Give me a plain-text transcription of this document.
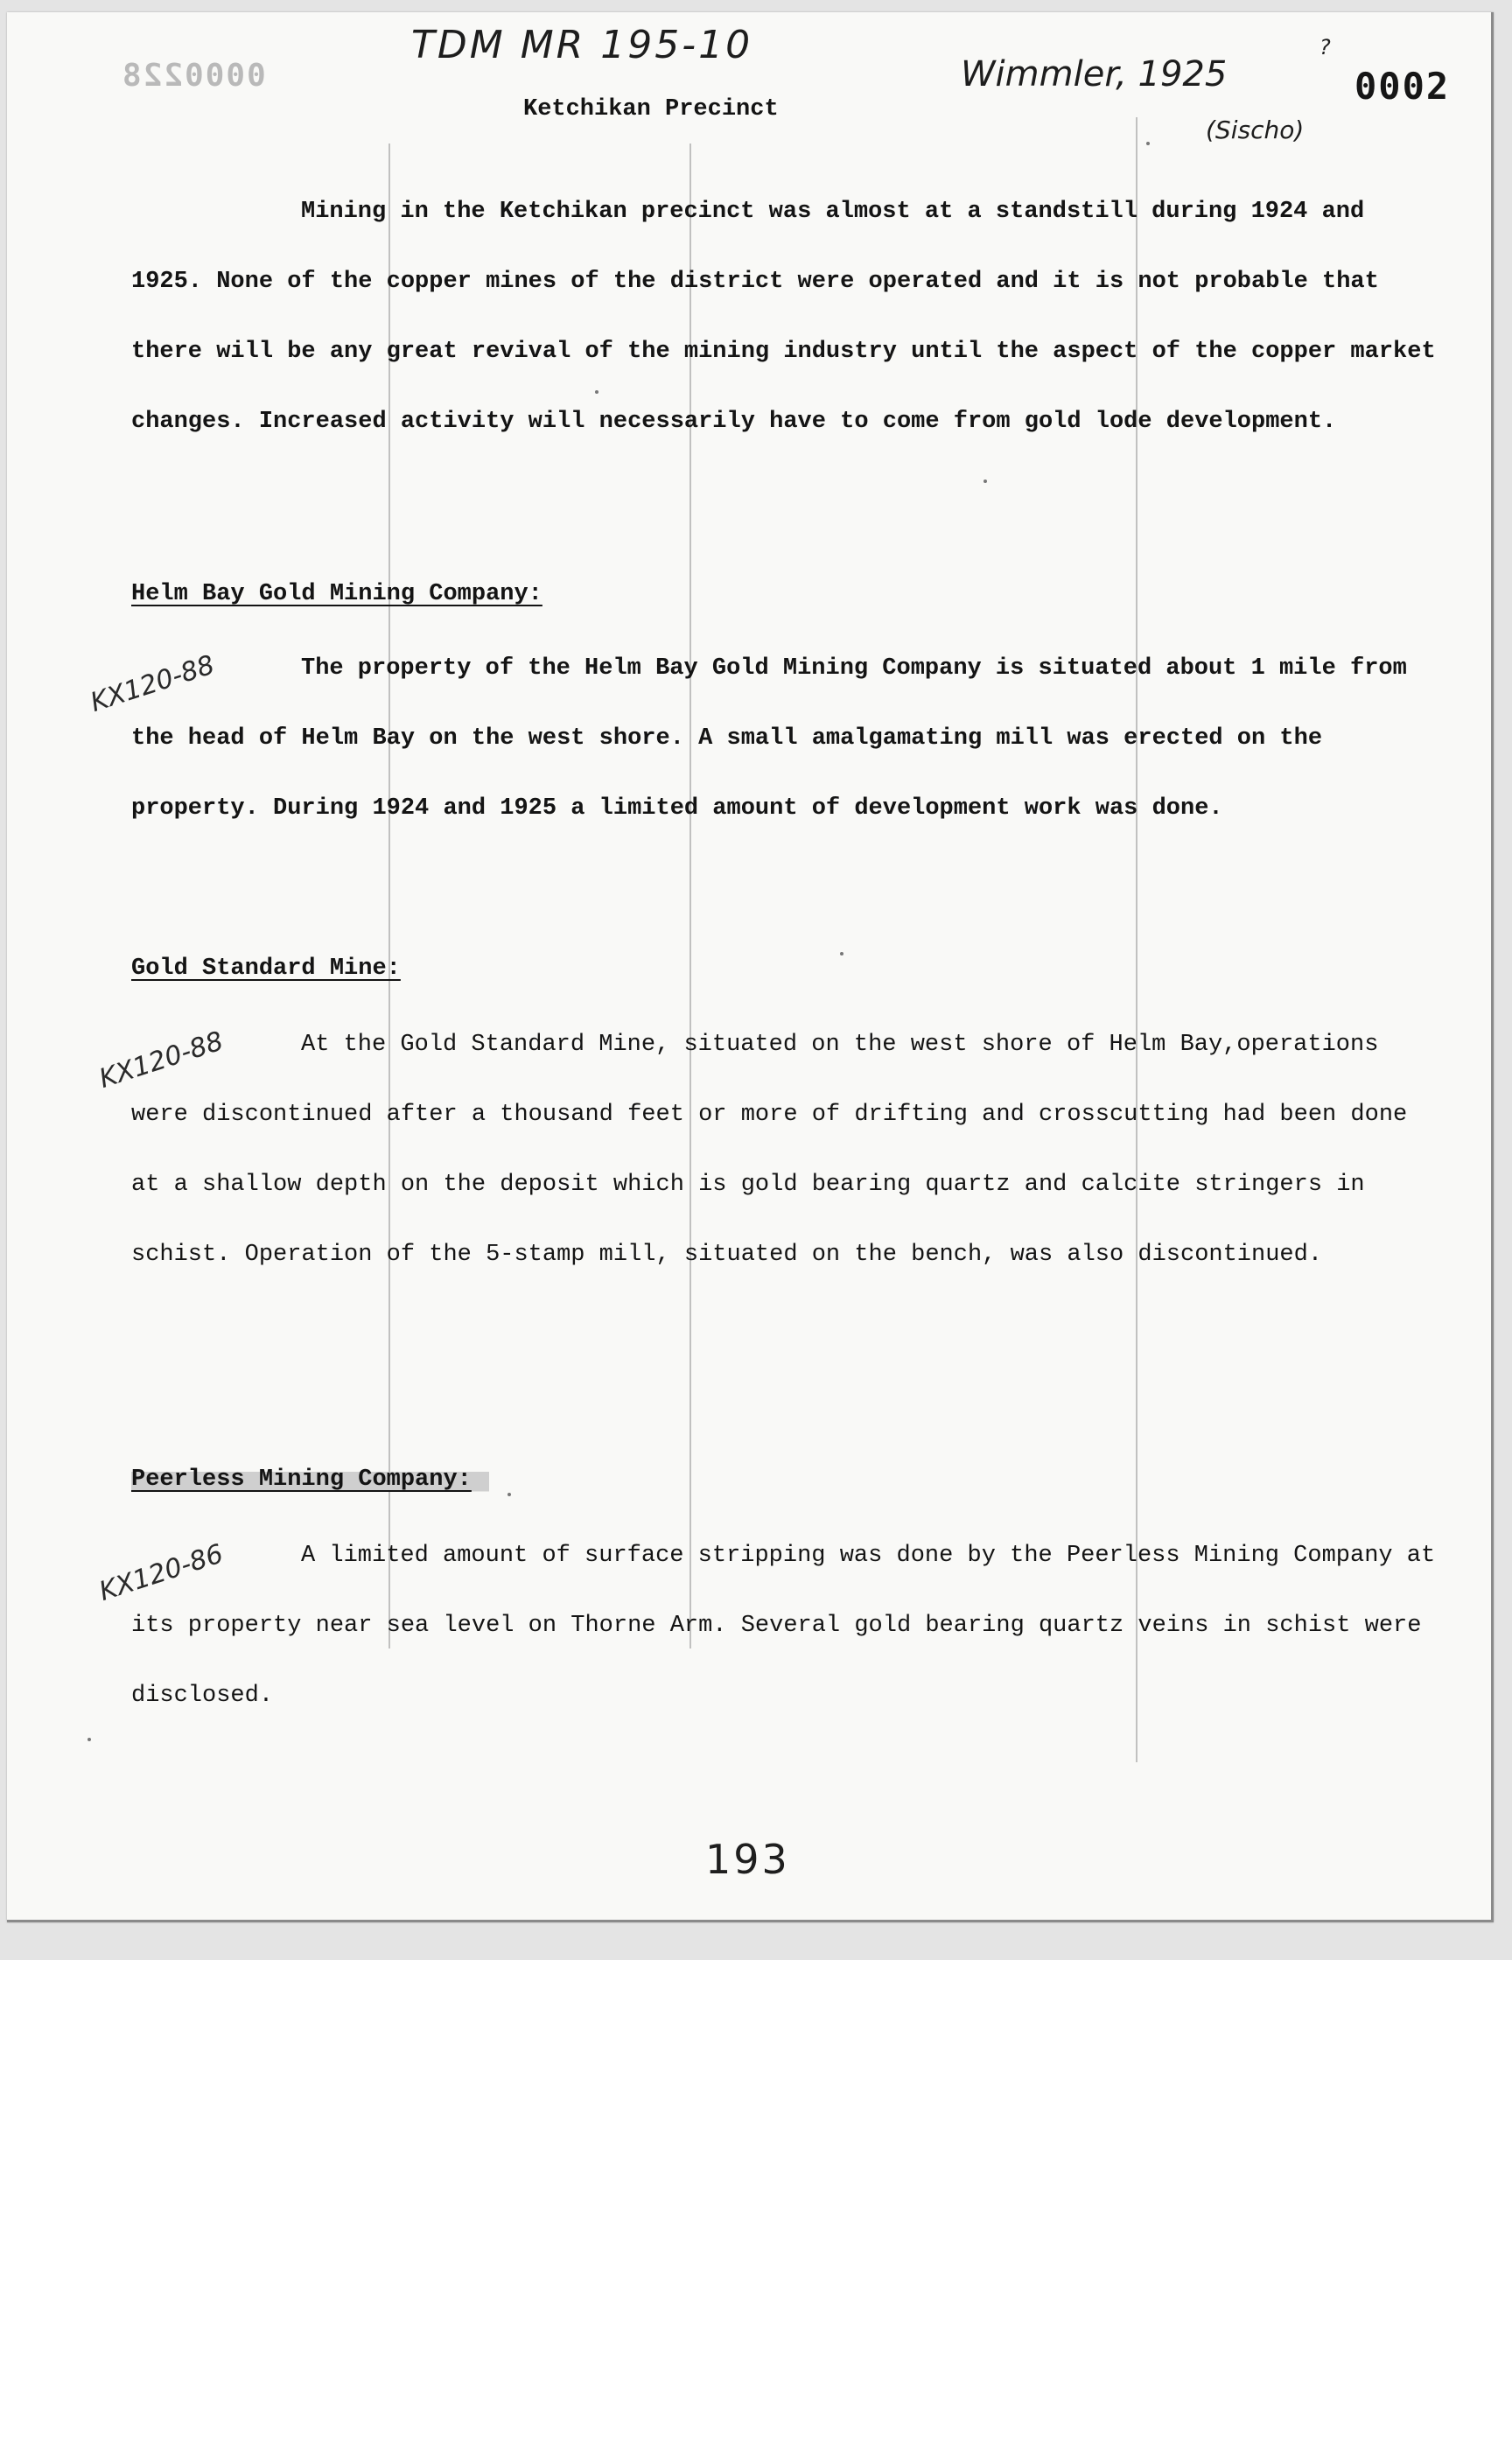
TDM MR 195-10
Wimmler, 1925
?
(Sischo)
0000228	0002
Ketchikan Precinct

Mining in the Ketchikan precinct was almost at a standstill during 1924 and 1925. None of the copper mines of the district were operated and it is not probable that there will be any great revival of the mining industry until the aspect of the copper market changes. Increased activity will necessarily have to come from gold lode development.

Helm Bay Gold Mining Company:
KX120-88	The property of the Helm Bay Gold Mining Company is situated about 1 mile from the head of Helm Bay on the west shore. A small amalgamating mill was erected on the property. During 1924 and 1925 a limited amount of development work was done.

Gold Standard Mine:
KX120-88	At the Gold Standard Mine, situated on the west shore of Helm Bay,operations were discontinued after a thousand feet or more of drifting and crosscutting had been done at a shallow depth on the deposit which is gold bearing quartz and calcite stringers in schist. Operation of the 5-stamp mill, situated on the bench, was also discontinued.

Peerless Mining Company:
KX120-86	A limited amount of surface stripping was done by the Peerless Mining Company at its property near sea level on Thorne Arm. Several gold bearing quartz veins in schist were disclosed.

193
